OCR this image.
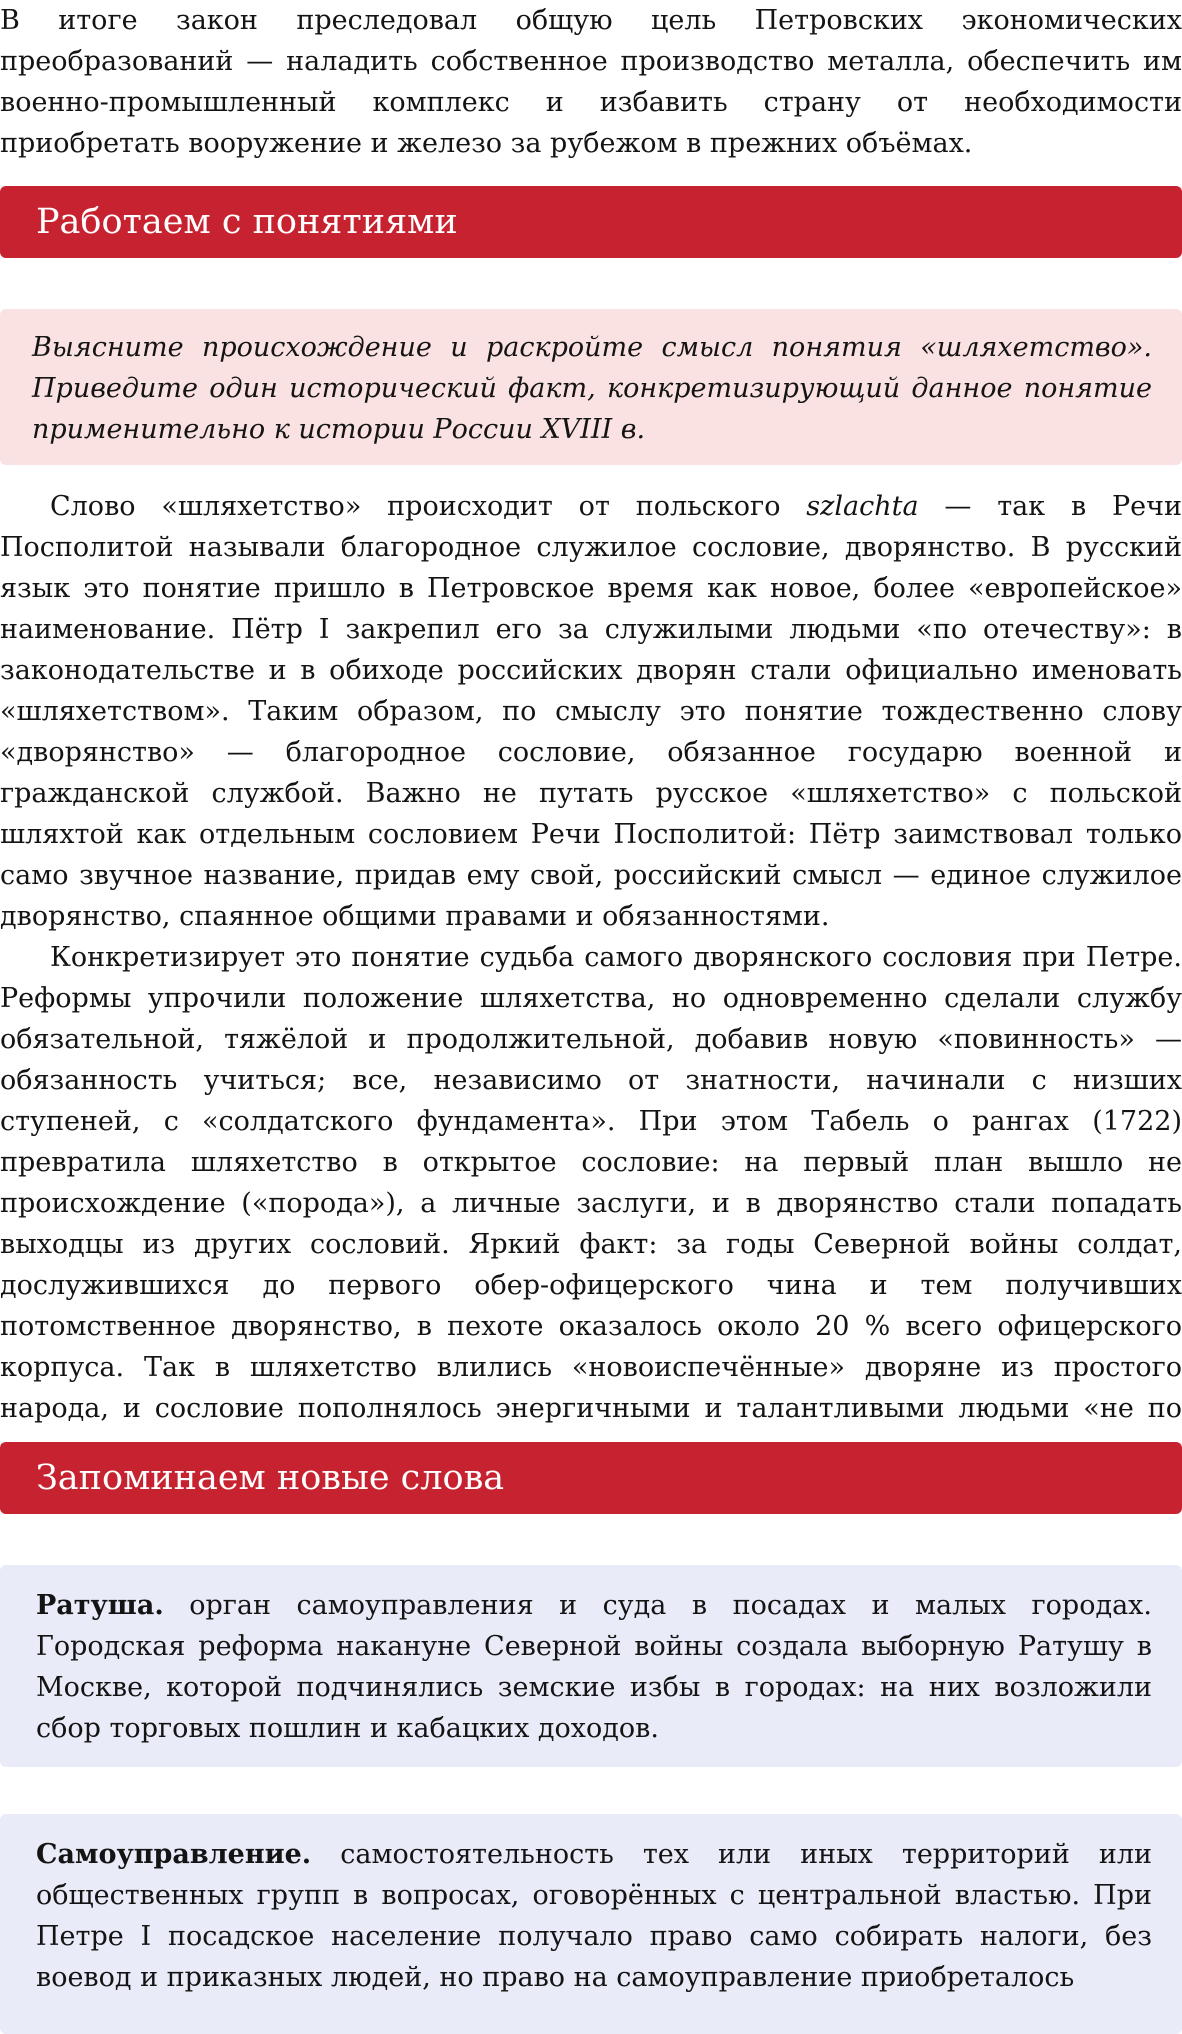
В итоге закон преследовал общую цель Петровских экономических преобразований — наладить собственное производство металла, обеспечить им военно-промышленный комплекс и избавить страну от необходимости приобретать вооружение и железо за рубежом в прежних объёмах.

Работаем с понятиями

Выясните происхождение и раскройте смысл понятия «шляхетство». Приведите один исторический факт, конкретизирующий данное понятие применительно к истории России XVIII в.

Слово «шляхетство» происходит от польского szlachta — так в Речи Посполитой называли благородное служилое сословие, дворянство. В русский язык это понятие пришло в Петровское время как новое, более «европейское» наименование. Пётр I закрепил его за служилыми людьми «по отечеству»: в законодательстве и в обиходе российских дворян стали официально именовать «шляхетством». Таким образом, по смыслу это понятие тождественно слову «дворянство» — благородное сословие, обязанное государю военной и гражданской службой. Важно не путать русское «шляхетство» с польской шляхтой как отдельным сословием Речи Посполитой: Пётр заимствовал только само звучное название, придав ему свой, российский смысл — единое служилое дворянство, спаянное общими правами и обязанностями.

Конкретизирует это понятие судьба самого дворянского сословия при Петре. Реформы упрочили положение шляхетства, но одновременно сделали службу обязательной, тяжёлой и продолжительной, добавив новую «повинность» — обязанность учиться; все, независимо от знатности, начинали с низших ступеней, с «солдатского фундамента». При этом Табель о рангах (1722) превратила шляхетство в открытое сословие: на первый план вышло не происхождение («порода»), а личные заслуги, и в дворянство стали попадать выходцы из других сословий. Яркий факт: за годы Северной войны солдат, дослужившихся до первого обер-офицерского чина и тем получивших потомственное дворянство, в пехоте оказалось около 20 % всего офицерского корпуса. Так в шляхетство влились «новоиспечённые» дворяне из простого народа, и сословие пополнялось энергичными и талантливыми людьми «не по

Запоминаем новые слова

Ратуша. орган самоуправления и суда в посадах и малых городах. Городская реформа накануне Северной войны создала выборную Ратушу в Москве, которой подчинялись земские избы в городах: на них возложили сбор торговых пошлин и кабацких доходов.

Самоуправление. самостоятельность тех или иных территорий или общественных групп в вопросах, оговорённых с центральной властью. При Петре I посадское население получало право само собирать налоги, без воевод и приказных людей, но право на самоуправление приобреталось
